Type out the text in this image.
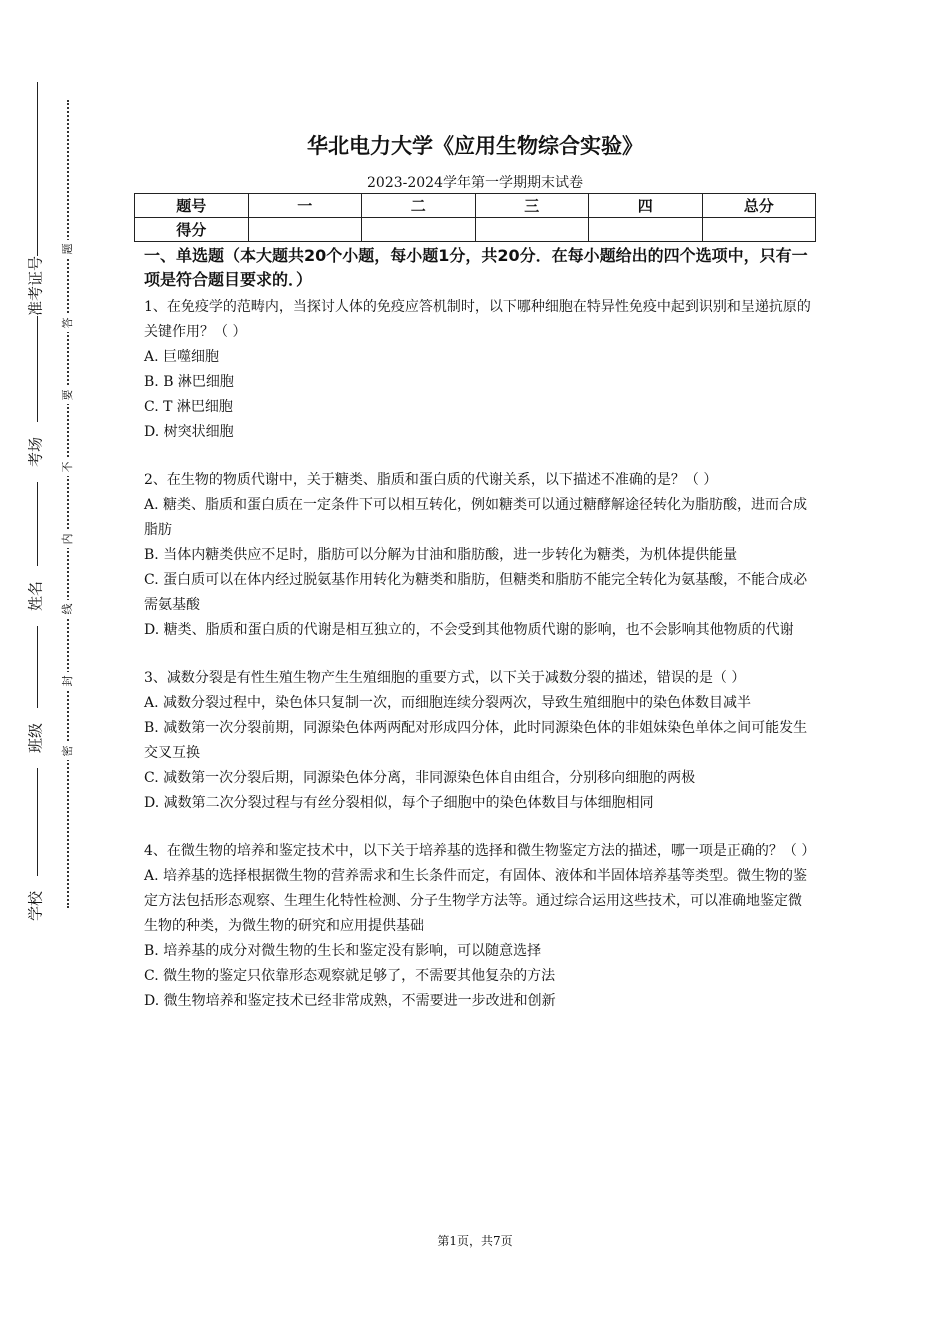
准考证号
考场
姓名
班级
学校
题
答
要
不
内
线
封
密
华北电力大学《应用生物综合实验》
2023-2024学年第一学期期末试卷
题号	一	二	三	四	总分
得分					
一、单选题（本大题共20个小题，每小题1分，共20分．在每小题给出的四个选项中，只有一项是符合题目要求的．）

1、在免疫学的范畴内，当探讨人体的免疫应答机制时，以下哪种细胞在特异性免疫中起到识别和呈递抗原的关键作用？（ ）

A. 巨噬细胞

B. B 淋巴细胞

C. T 淋巴细胞

D. 树突状细胞

2、在生物的物质代谢中，关于糖类、脂质和蛋白质的代谢关系，以下描述不准确的是？（ ）

A. 糖类、脂质和蛋白质在一定条件下可以相互转化，例如糖类可以通过糖酵解途径转化为脂肪酸，进而合成脂肪

B. 当体内糖类供应不足时，脂肪可以分解为甘油和脂肪酸，进一步转化为糖类，为机体提供能量

C. 蛋白质可以在体内经过脱氨基作用转化为糖类和脂肪，但糖类和脂肪不能完全转化为氨基酸，不能合成必需氨基酸

D. 糖类、脂质和蛋白质的代谢是相互独立的，不会受到其他物质代谢的影响，也不会影响其他物质的代谢

3、减数分裂是有性生殖生物产生生殖细胞的重要方式，以下关于减数分裂的描述，错误的是（ ）

A. 减数分裂过程中，染色体只复制一次，而细胞连续分裂两次，导致生殖细胞中的染色体数目减半

B. 减数第一次分裂前期，同源染色体两两配对形成四分体，此时同源染色体的非姐妹染色单体之间可能发生交叉互换

C. 减数第一次分裂后期，同源染色体分离，非同源染色体自由组合，分别移向细胞的两极

D. 减数第二次分裂过程与有丝分裂相似，每个子细胞中的染色体数目与体细胞相同

4、在微生物的培养和鉴定技术中，以下关于培养基的选择和微生物鉴定方法的描述，哪一项是正确的？（ ）

A. 培养基的选择根据微生物的营养需求和生长条件而定，有固体、液体和半固体培养基等类型。微生物的鉴定方法包括形态观察、生理生化特性检测、分子生物学方法等。通过综合运用这些技术，可以准确地鉴定微生物的种类，为微生物的研究和应用提供基础

B. 培养基的成分对微生物的生长和鉴定没有影响，可以随意选择

C. 微生物的鉴定只依靠形态观察就足够了，不需要其他复杂的方法

D. 微生物培养和鉴定技术已经非常成熟，不需要进一步改进和创新

第1页，共7页
